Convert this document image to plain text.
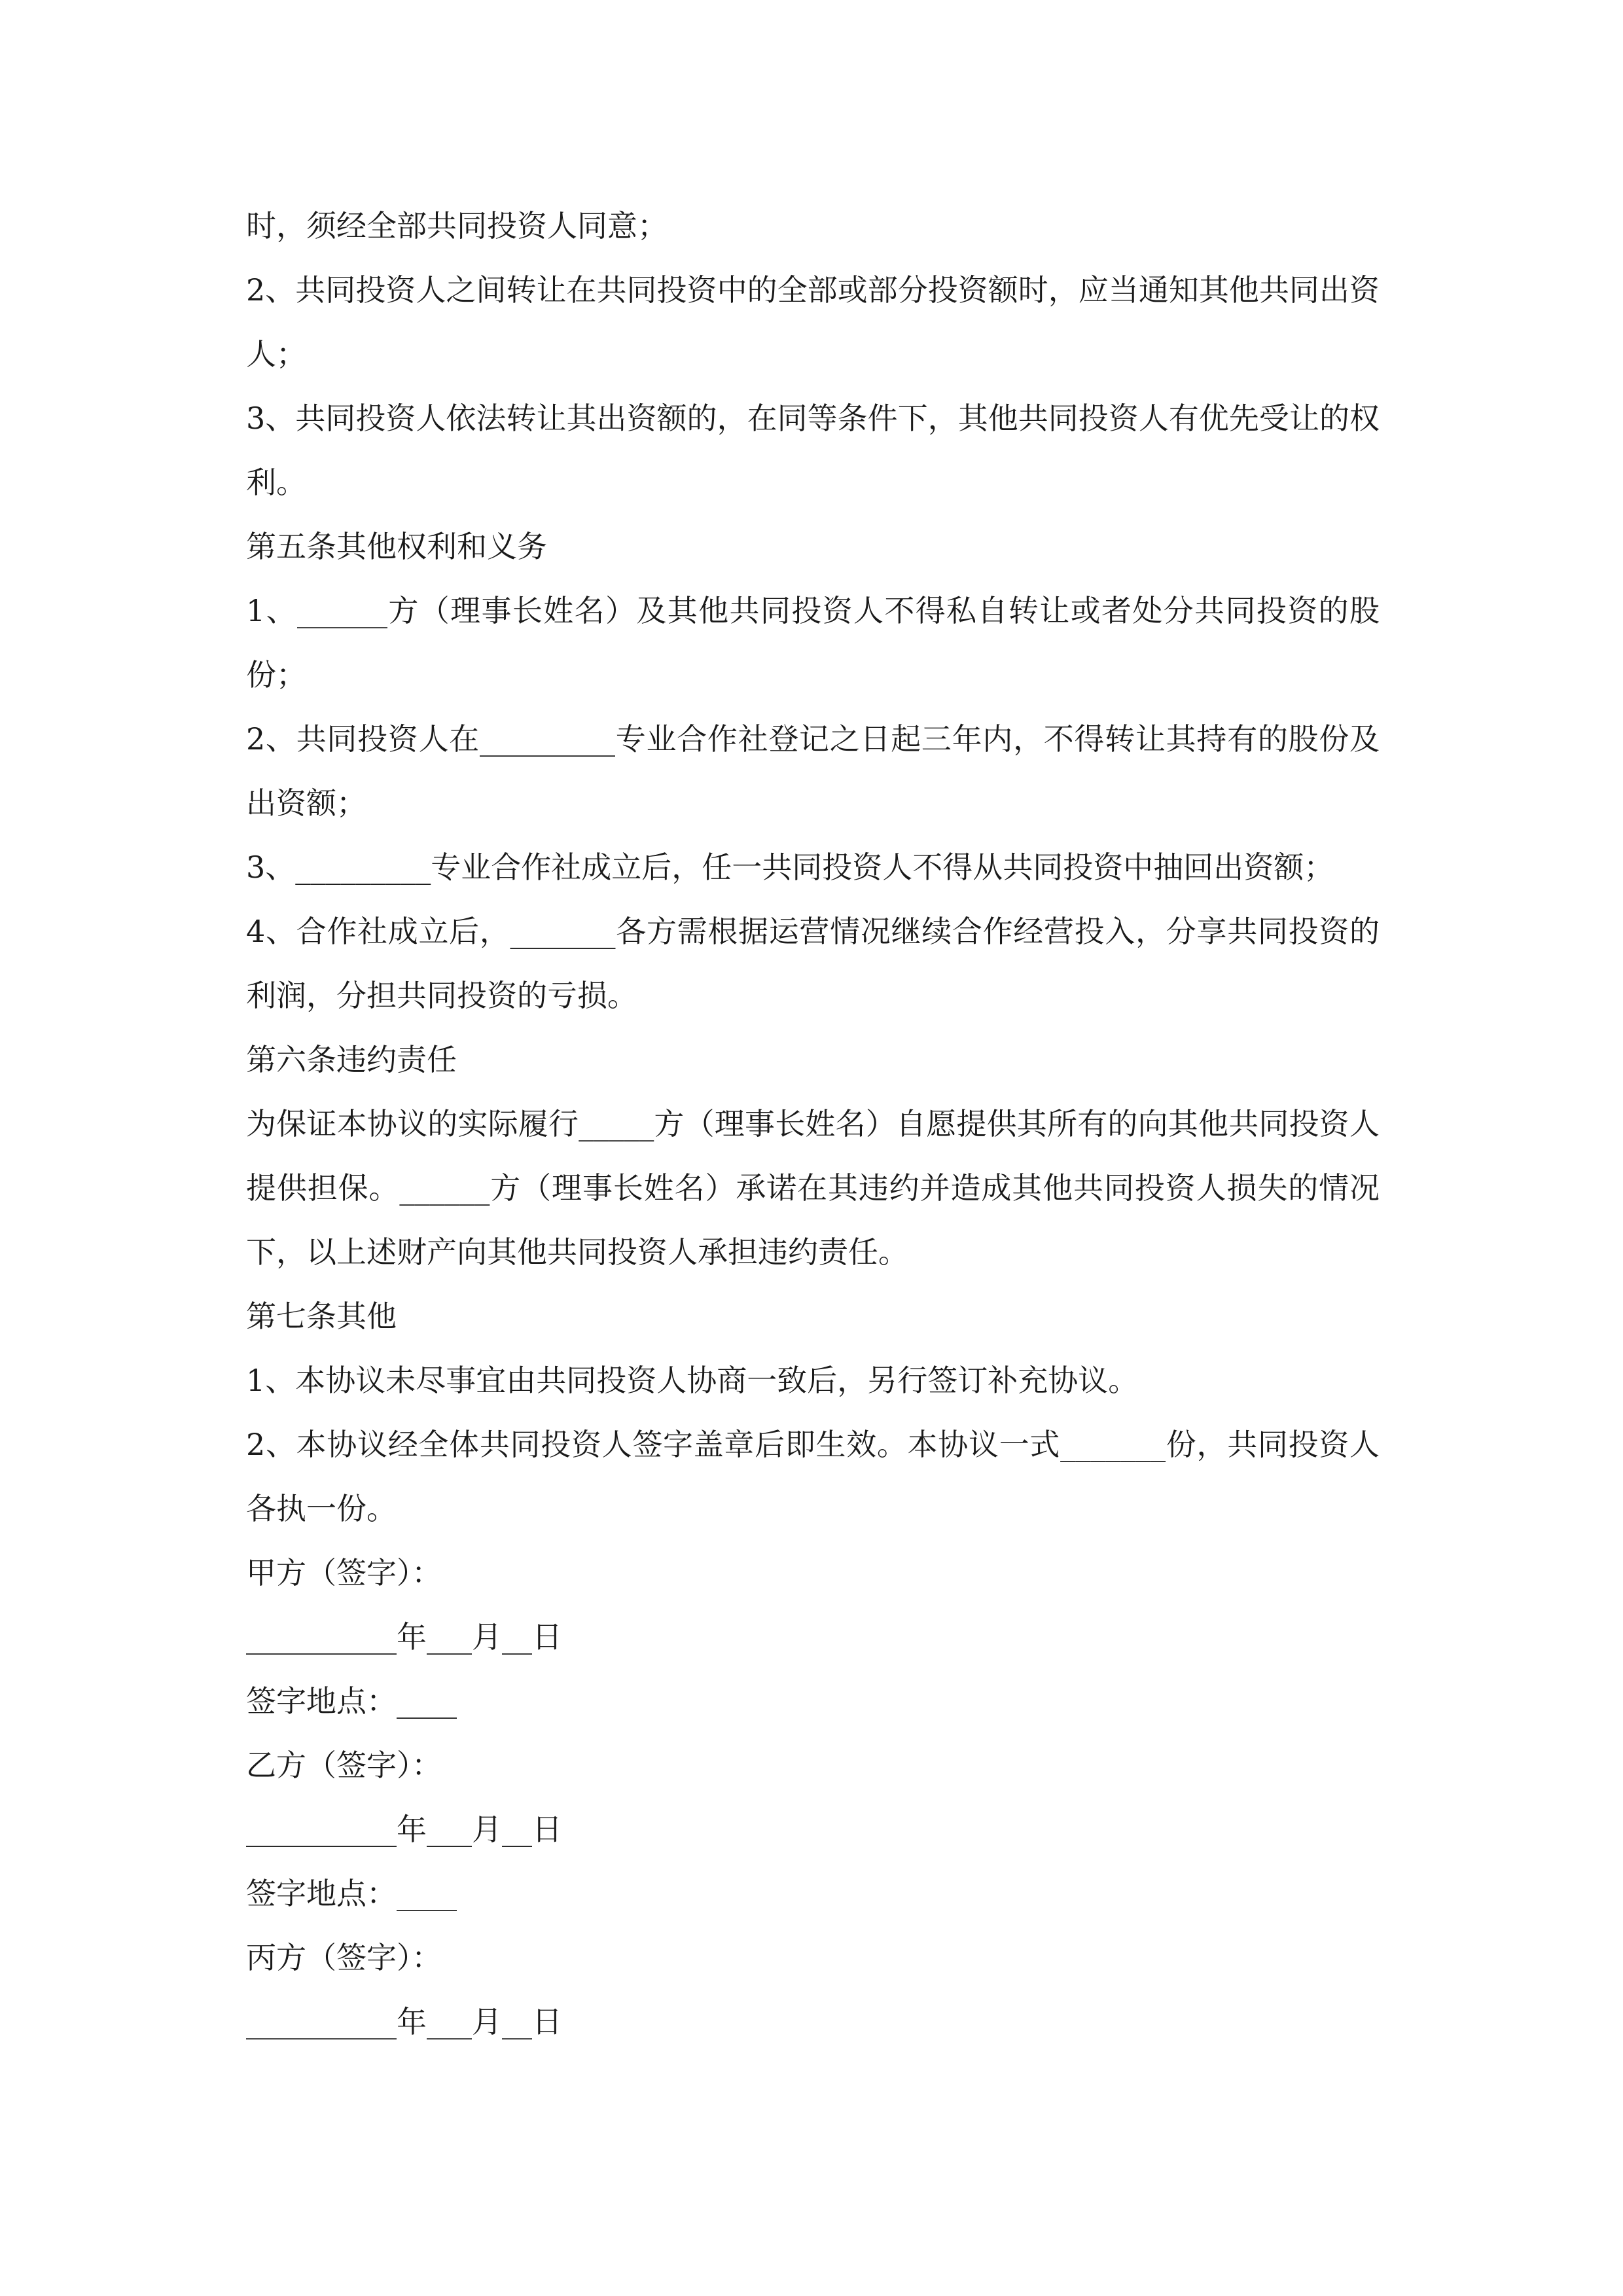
时，须经全部共同投资人同意；

2、共同投资人之间转让在共同投资中的全部或部分投资额时，应当通知其他共同出资人；

3、共同投资人依法转让其出资额的，在同等条件下，其他共同投资人有优先受让的权利。

第五条其他权利和义务

1、______方（理事长姓名）及其他共同投资人不得私自转让或者处分共同投资的股份；

2、共同投资人在_________专业合作社登记之日起三年内，不得转让其持有的股份及出资额；

3、_________专业合作社成立后，任一共同投资人不得从共同投资中抽回出资额；

4、合作社成立后，_______各方需根据运营情况继续合作经营投入，分享共同投资的利润，分担共同投资的亏损。

第六条违约责任

为保证本协议的实际履行_____方（理事长姓名）自愿提供其所有的向其他共同投资人提供担保。______方（理事长姓名）承诺在其违约并造成其他共同投资人损失的情况下，以上述财产向其他共同投资人承担违约责任。

第七条其他

1、本协议未尽事宜由共同投资人协商一致后，另行签订补充协议。

2、本协议经全体共同投资人签字盖章后即生效。本协议一式_______份，共同投资人各执一份。

甲方（签字）：

__________年___月__日

签字地点：____

乙方（签字）：

__________年___月__日

签字地点：____

丙方（签字）：

__________年___月__日
